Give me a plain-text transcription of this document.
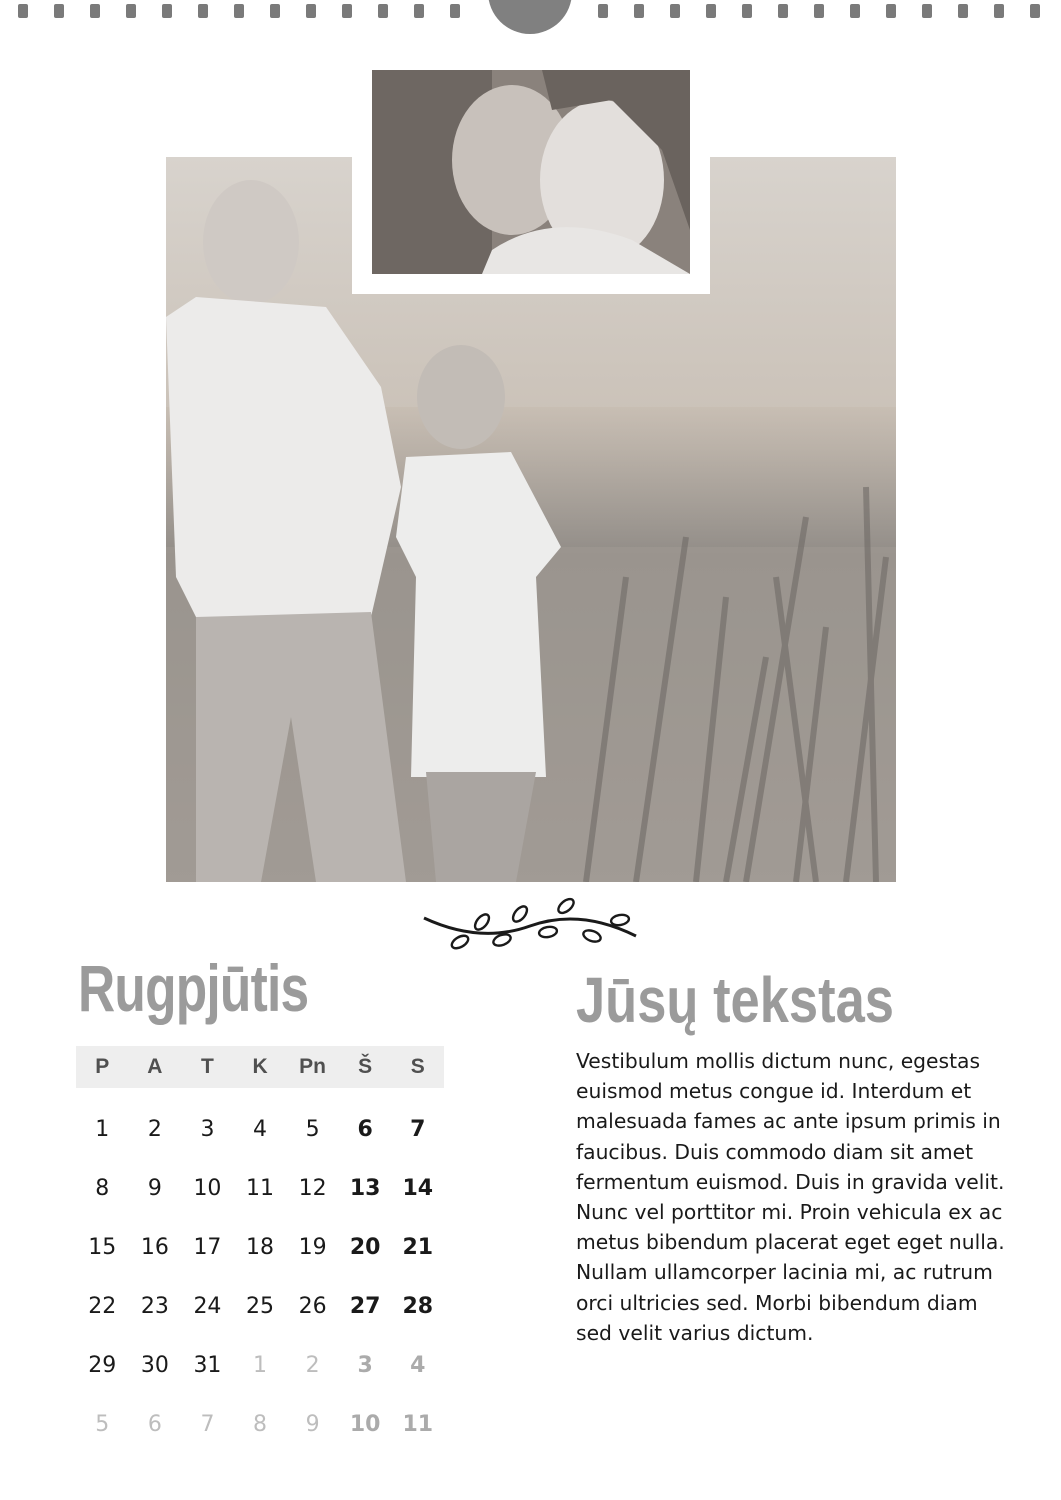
Rugpjūtis
P	A	T	K	Pn	Š	S
1	2	3	4	5	6	7
8	9	10	11	12	13 14
15	16	17	18	19	20 21
22	23	24	25	26	27 28
29	30	31	1	2	3	4
5	6	7	8	9	10 11
Jūsų tekstas

Vestibulum mollis dictum nunc, egestas euismod metus congue id. Interdum et malesuada fames ac ante ipsum primis in faucibus. Duis commodo diam sit amet fermentum euismod. Duis in gravida velit. Nunc vel porttitor mi. Proin vehicula ex ac metus bibendum placerat eget eget nulla. Nullam ullamcorper lacinia mi, ac rutrum orci ultricies sed. Morbi bibendum diam sed velit varius dictum.
